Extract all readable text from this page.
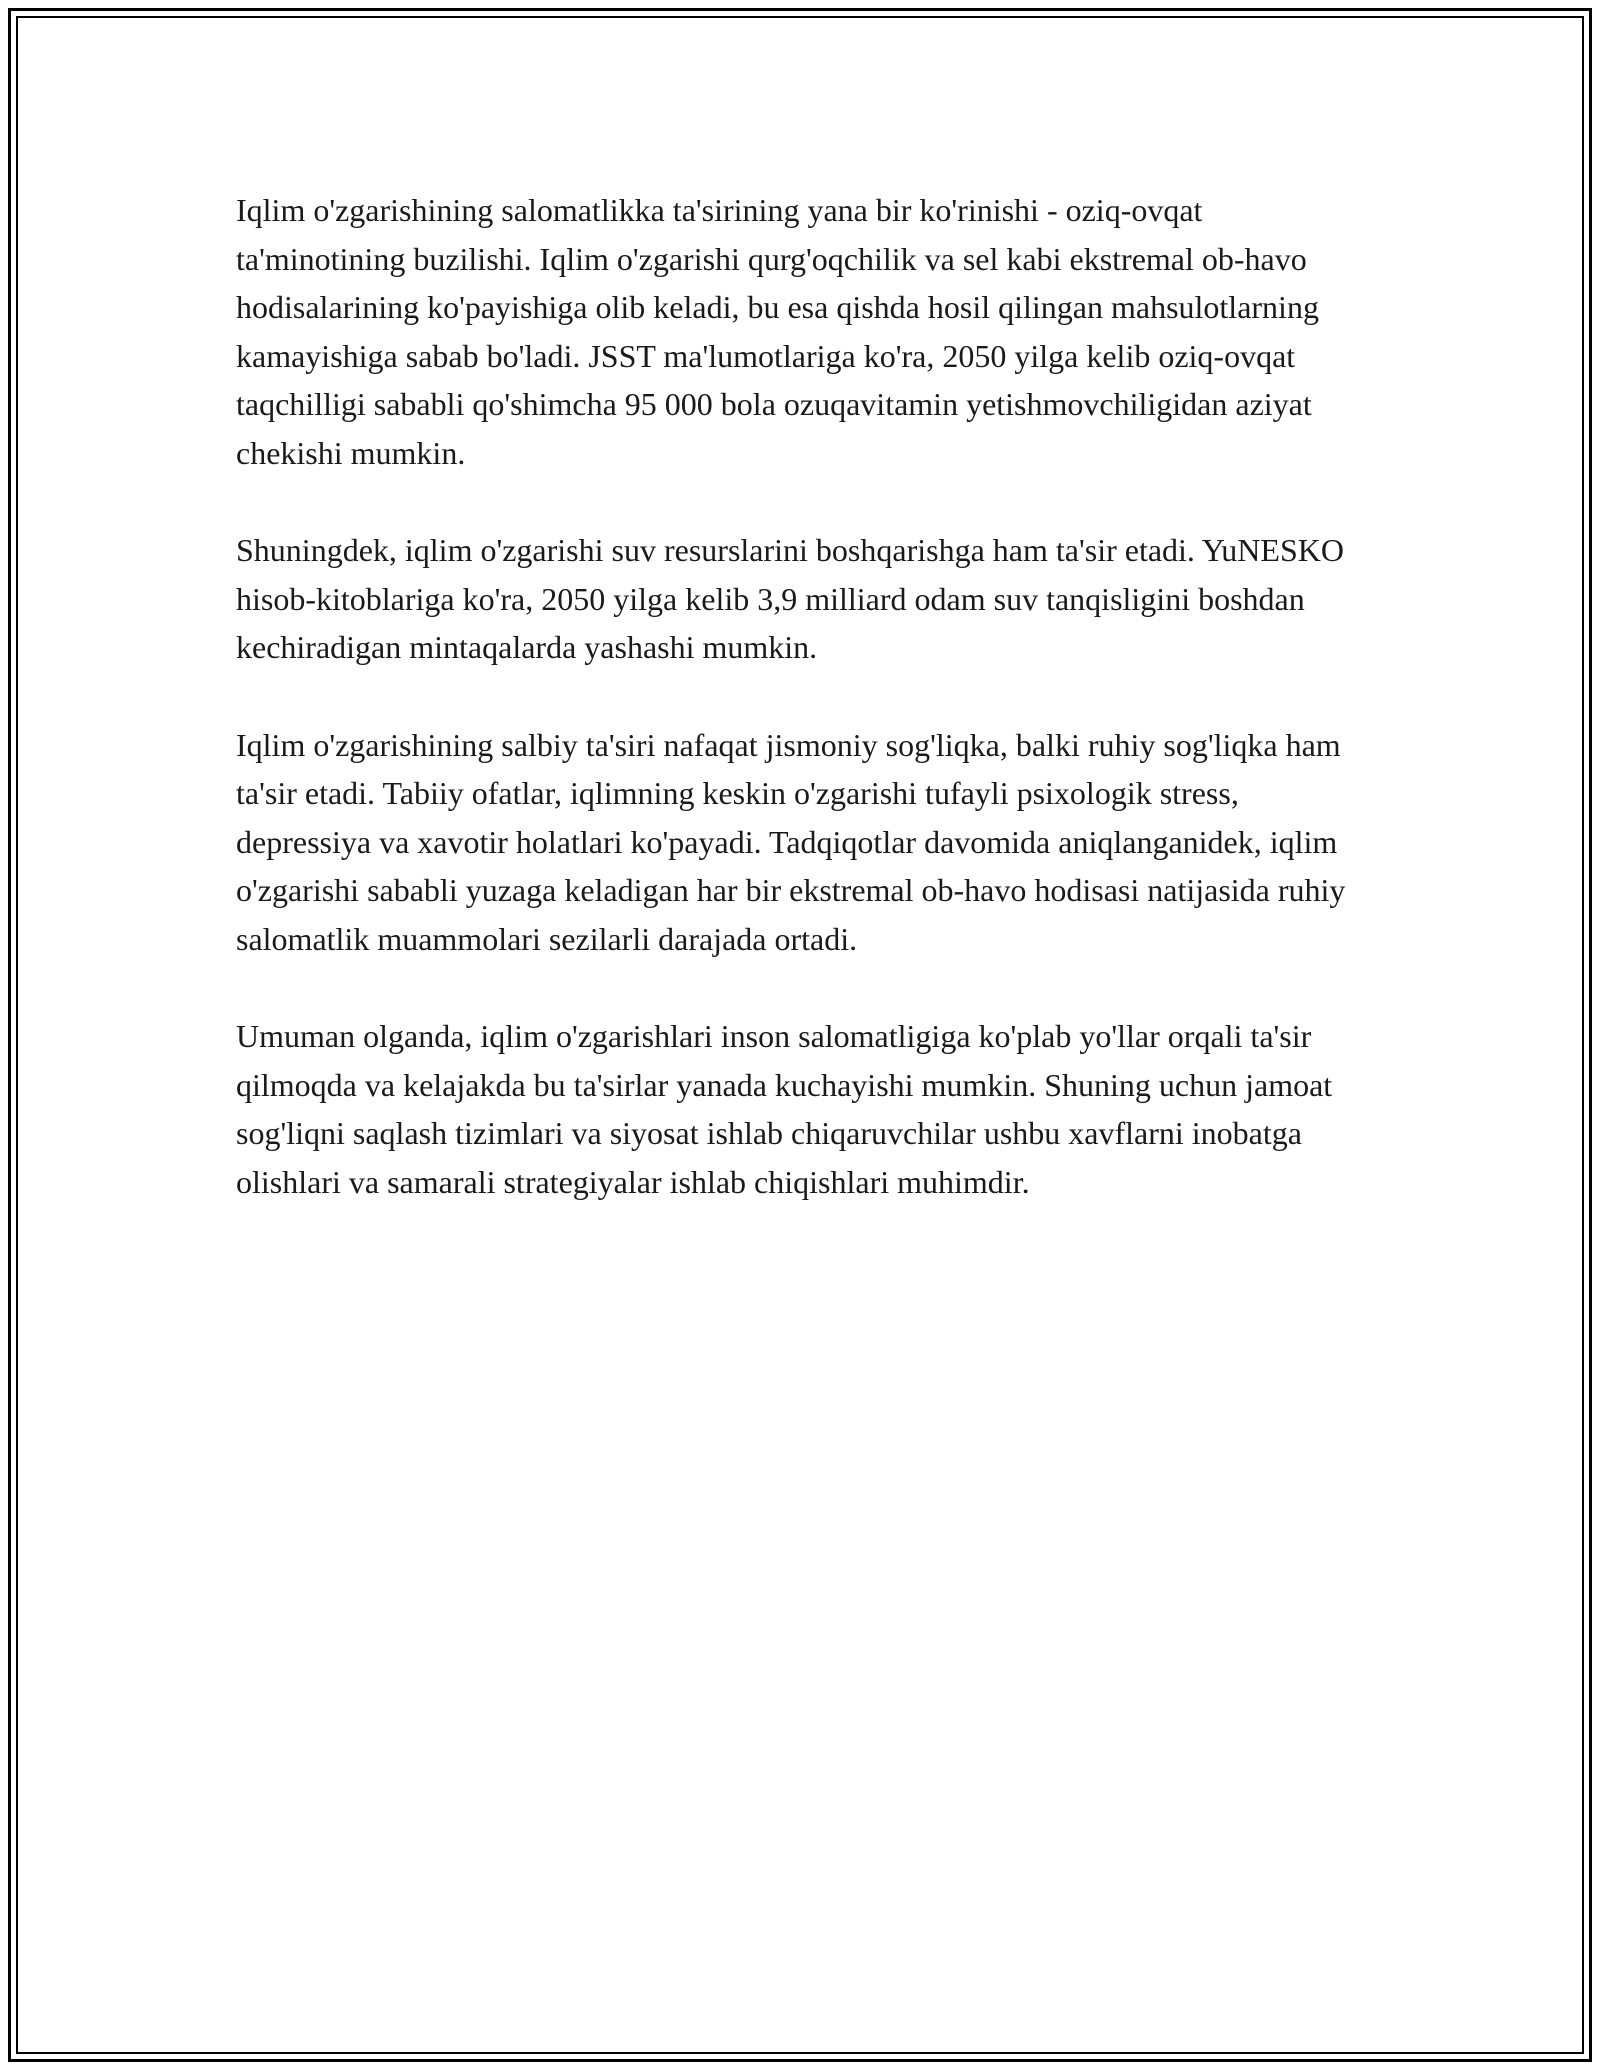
Iqlim o'zgarishining salomatlikka ta'sirining yana bir ko'rinishi - oziq-ovqat ta'minotining buzilishi. Iqlim o'zgarishi qurg'oqchilik va sel kabi ekstremal ob-havo hodisalarining ko'payishiga olib keladi, bu esa qishda hosil qilingan mahsulotlarning kamayishiga sabab bo'ladi. JSST ma'lumotlariga ko'ra, 2050 yilga kelib oziq-ovqat taqchilligi sababli qo'shimcha 95 000 bola ozuqavitamin yetishmovchiligidan aziyat chekishi mumkin.

Shuningdek, iqlim o'zgarishi suv resurslarini boshqarishga ham ta'sir etadi. YuNESKO hisob-kitoblariga ko'ra, 2050 yilga kelib 3,9 milliard odam suv tanqisligini boshdan kechiradigan mintaqalarda yashashi mumkin.

Iqlim o'zgarishining salbiy ta'siri nafaqat jismoniy sog'liqka, balki ruhiy sog'liqka ham ta'sir etadi. Tabiiy ofatlar, iqlimning keskin o'zgarishi tufayli psixologik stress, depressiya va xavotir holatlari ko'payadi. Tadqiqotlar davomida aniqlanganidek, iqlim o'zgarishi sababli yuzaga keladigan har bir ekstremal ob-havo hodisasi natijasida ruhiy salomatlik muammolari sezilarli darajada ortadi.

Umuman olganda, iqlim o'zgarishlari inson salomatligiga ko'plab yo'llar orqali ta'sir qilmoqda va kelajakda bu ta'sirlar yanada kuchayishi mumkin. Shuning uchun jamoat sog'liqni saqlash tizimlari va siyosat ishlab chiqaruvchilar ushbu xavflarni inobatga olishlari va samarali strategiyalar ishlab chiqishlari muhimdir.
